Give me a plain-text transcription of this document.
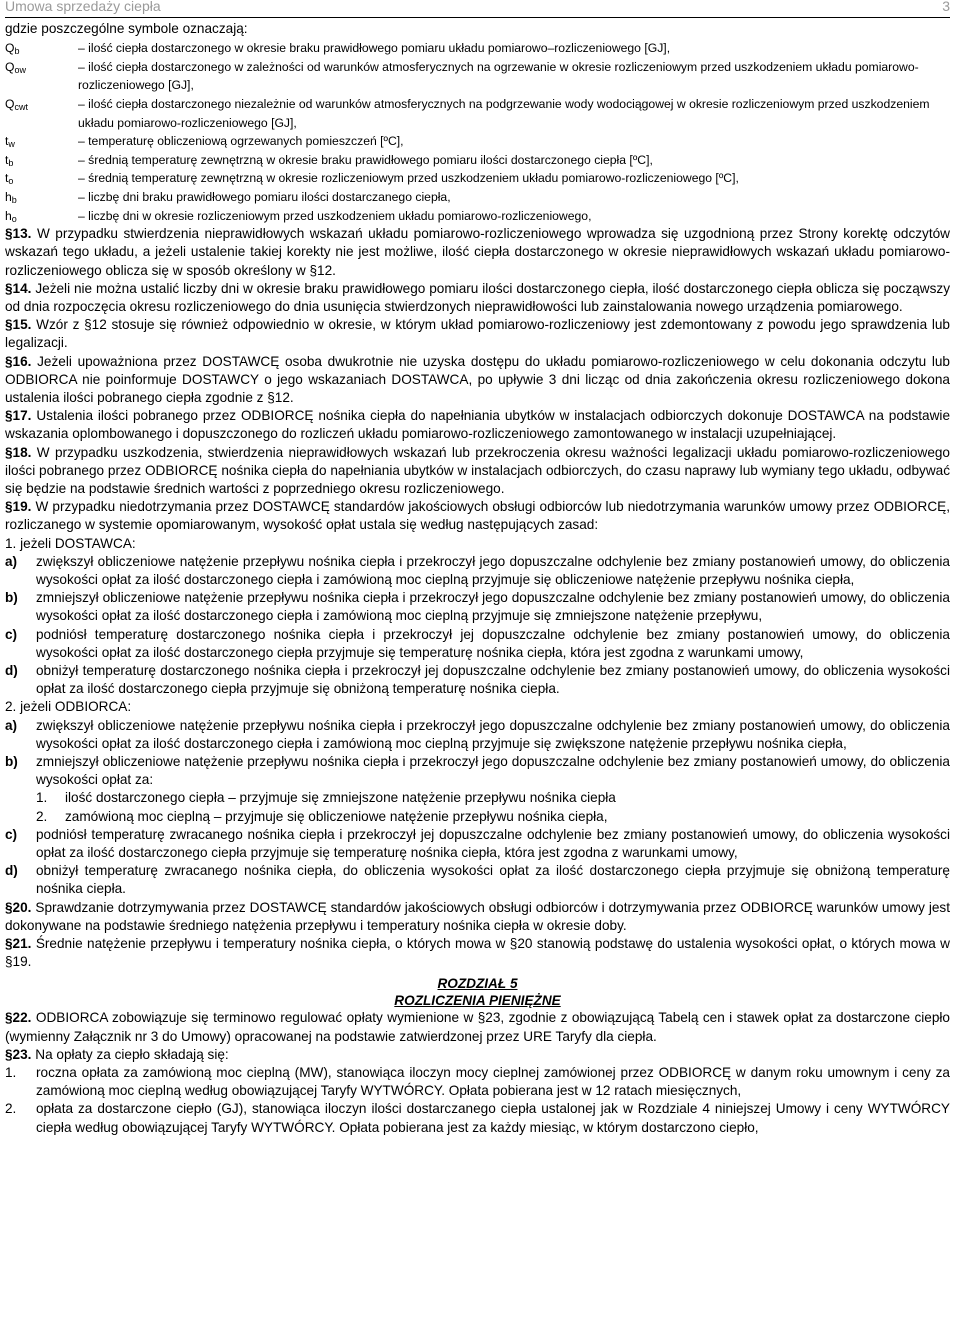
Umowa sprzedaży ciepła	3
gdzie poszczególne symbole oznaczają:
$Q_b$	– ilość ciepła dostarczonego w okresie braku prawidłowego pomiaru układu pomiarowo–rozliczeniowego [GJ],
$Q_{ow}$	– ilość ciepła dostarczonego w zależności od warunków atmosferycznych na ogrzewanie w okresie rozliczeniowym przed uszkodzeniem układu pomiarowo- rozliczeniowego [GJ],
$Q_{cwt}$	– ilość ciepła dostarczonego niezależnie od warunków atmosferycznych na podgrzewanie wody wodociągowej w okresie rozliczeniowym przed uszkodzeniem układu pomiarowo-rozliczeniowego [GJ],
$t_w$	– temperaturę obliczeniową ogrzewanych pomieszczeń [ºC],
$t_b$	– średnią temperaturę zewnętrzną w okresie braku prawidłowego pomiaru ilości dostarczonego ciepła [ºC],
$t_o$	– średnią temperaturę zewnętrzną w okresie rozliczeniowym przed uszkodzeniem układu pomiarowo-rozliczeniowego [ºC],
$h_b$	– liczbę dni braku prawidłowego pomiaru ilości dostarczanego ciepła,
$h_o$	– liczbę dni w okresie rozliczeniowym przed uszkodzeniem układu pomiarowo-rozliczeniowego,

§13. W przypadku stwierdzenia nieprawidłowych wskazań układu pomiarowo-rozliczeniowego wprowadza się uzgodnioną przez Strony korektę odczytów wskazań tego układu, a jeżeli ustalenie takiej korekty nie jest możliwe, ilość ciepła dostarczonego w okresie nieprawidłowych wskazań układu pomiarowo-rozliczeniowego oblicza się w sposób określony w §12.

§14. Jeżeli nie można ustalić liczby dni w okresie braku prawidłowego pomiaru ilości dostarczonego ciepła, ilość dostarczonego ciepła oblicza się począwszy od dnia rozpoczęcia okresu rozliczeniowego do dnia usunięcia stwierdzonych nieprawidłowości lub zainstalowania nowego urządzenia pomiarowego.

§15. Wzór z §12 stosuje się również odpowiednio w okresie, w którym układ pomiarowo-rozliczeniowy jest zdemontowany z powodu jego sprawdzenia lub legalizacji.

§16. Jeżeli upoważniona przez DOSTAWCĘ osoba dwukrotnie nie uzyska dostępu do układu pomiarowo-rozliczeniowego w celu dokonania odczytu lub ODBIORCA nie poinformuje DOSTAWCY o jego wskazaniach DOSTAWCA, po upływie 3 dni licząc od dnia zakończenia okresu rozliczeniowego dokona ustalenia ilości pobranego ciepła zgodnie z §12.

§17. Ustalenia ilości pobranego przez ODBIORCĘ nośnika ciepła do napełniania ubytków w instalacjach odbiorczych dokonuje DOSTAWCA na podstawie wskazania oplombowanego i dopuszczonego do rozliczeń układu pomiarowo-rozliczeniowego zamontowanego w instalacji uzupełniającej.

§18. W przypadku uszkodzenia, stwierdzenia nieprawidłowych wskazań lub przekroczenia okresu ważności legalizacji układu pomiarowo-rozliczeniowego ilości pobranego przez ODBIORCĘ nośnika ciepła do napełniania ubytków w instalacjach odbiorczych, do czasu naprawy lub wymiany tego układu, odbywać się będzie na podstawie średnich wartości z poprzedniego okresu rozliczeniowego.

§19. W przypadku niedotrzymania przez DOSTAWCĘ standardów jakościowych obsługi odbiorców lub niedotrzymania warunków umowy przez ODBIORCĘ, rozliczanego w systemie opomiarowanym, wysokość opłat ustala się według następujących zasad:

1. jeżeli DOSTAWCA:
a) zwiększył obliczeniowe natężenie przepływu nośnika ciepła i przekroczył jego dopuszczalne odchylenie bez zmiany postanowień umowy, do obliczenia wysokości opłat za ilość dostarczonego ciepła i zamówioną moc cieplną przyjmuje się obliczeniowe natężenie przepływu nośnika ciepła,
b) zmniejszył obliczeniowe natężenie przepływu nośnika ciepła i przekroczył jego dopuszczalne odchylenie bez zmiany postanowień umowy, do obliczenia wysokości opłat za ilość dostarczonego ciepła i zamówioną moc cieplną przyjmuje się zmniejszone natężenie przepływu,
c) podniósł temperaturę dostarczonego nośnika ciepła i przekroczył jej dopuszczalne odchylenie bez zmiany postanowień umowy, do obliczenia wysokości opłat za ilość dostarczonego ciepła przyjmuje się temperaturę nośnika ciepła, która jest zgodna z warunkami umowy,
d) obniżył temperaturę dostarczonego nośnika ciepła i przekroczył jej dopuszczalne odchylenie bez zmiany postanowień umowy, do obliczenia wysokości opłat za ilość dostarczonego ciepła przyjmuje się obniżoną temperaturę nośnika ciepła.
2. jeżeli ODBIORCA:
a) zwiększył obliczeniowe natężenie przepływu nośnika ciepła i przekroczył jego dopuszczalne odchylenie bez zmiany postanowień umowy, do obliczenia wysokości opłat za ilość dostarczonego ciepła i zamówioną moc cieplną przyjmuje się zwiększone natężenie przepływu nośnika ciepła,
b) zmniejszył obliczeniowe natężenie przepływu nośnika ciepła i przekroczył jego dopuszczalne odchylenie bez zmiany postanowień umowy, do obliczenia wysokości opłat za:
1. ilość dostarczonego ciepła – przyjmuje się zmniejszone natężenie przepływu nośnika ciepła
2. zamówioną moc cieplną – przyjmuje się obliczeniowe natężenie przepływu nośnika ciepła,
c) podniósł temperaturę zwracanego nośnika ciepła i przekroczył jej dopuszczalne odchylenie bez zmiany postanowień umowy, do obliczenia wysokości opłat za ilość dostarczonego ciepła przyjmuje się temperaturę nośnika ciepła, która jest zgodna z warunkami umowy,
d) obniżył temperaturę zwracanego nośnika ciepła, do obliczenia wysokości opłat za ilość dostarczonego ciepła przyjmuje się obniżoną temperaturę nośnika ciepła.

§20. Sprawdzanie dotrzymywania przez DOSTAWCĘ standardów jakościowych obsługi odbiorców i dotrzymywania przez ODBIORCĘ warunków umowy jest dokonywane na podstawie średniego natężenia przepływu i temperatury nośnika ciepła w okresie doby.

§21. Średnie natężenie przepływu i temperatury nośnika ciepła, o których mowa w §20 stanowią podstawę do ustalenia wysokości opłat, o których mowa w §19.

ROZDZIAŁ 5
ROZLICZENIA PIENIĘŻNE

§22. ODBIORCA zobowiązuje się terminowo regulować opłaty wymienione w §23, zgodnie z obowiązującą Tabelą cen i stawek opłat za dostarczone ciepło (wymienny Załącznik nr 3 do Umowy) opracowanej na podstawie zatwierdzonej przez URE Taryfy dla ciepła.

§23. Na opłaty za ciepło składają się:

1. roczna opłata za zamówioną moc cieplną (MW), stanowiąca iloczyn mocy cieplnej zamówionej przez ODBIORCĘ w danym roku umownym i ceny za zamówioną moc cieplną według obowiązującej Taryfy WYTWÓRCY. Opłata pobierana jest w 12 ratach miesięcznych,
2. opłata za dostarczone ciepło (GJ), stanowiąca iloczyn ilości dostarczanego ciepła ustalonej jak w Rozdziale 4 niniejszej Umowy i ceny WYTWÓRCY ciepła według obowiązującej Taryfy WYTWÓRCY. Opłata pobierana jest za każdy miesiąc, w którym dostarczono ciepło,
